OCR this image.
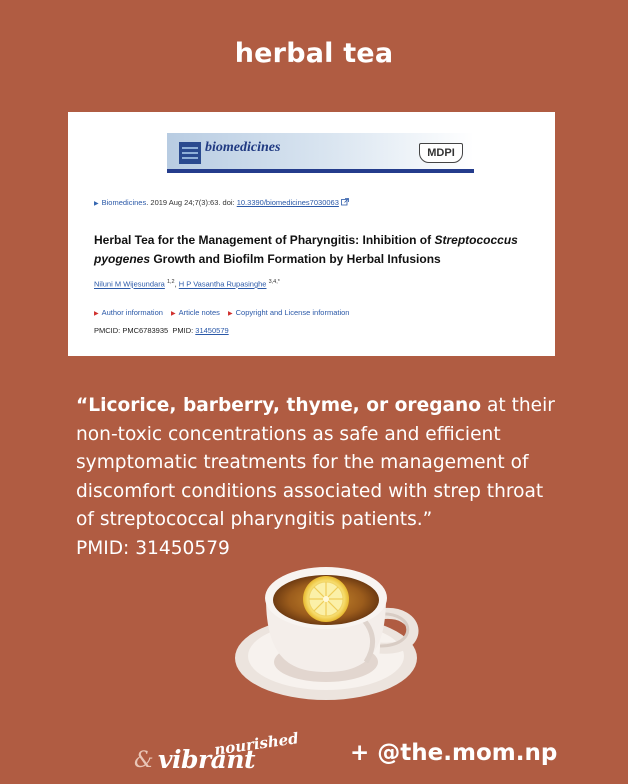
herbal tea
biomedicines	MDPI
▶ Biomedicines. 2019 Aug 24;7(3):63. doi: 10.3390/biomedicines7030063
Herbal Tea for the Management of Pharyngitis: Inhibition of Streptococcus pyogenes Growth and Biofilm Formation by Herbal Infusions
Niluni M Wijesundara $^{1,2}$, H P Vasantha Rupasinghe $^{3,4,*}$
▶ Author information ▶ Article notes ▶ Copyright and License information
PMCID: PMC6783935 PMID: 31450579
“Licorice, barberry, thyme, or oregano at their non-toxic concentrations as safe and efficient symptomatic treatments for the management of discomfort conditions associated with strep throat of streptococcal pharyngitis patients.”
PMID: 31450579
nourished
& vibrant	+ @the.mom.np
